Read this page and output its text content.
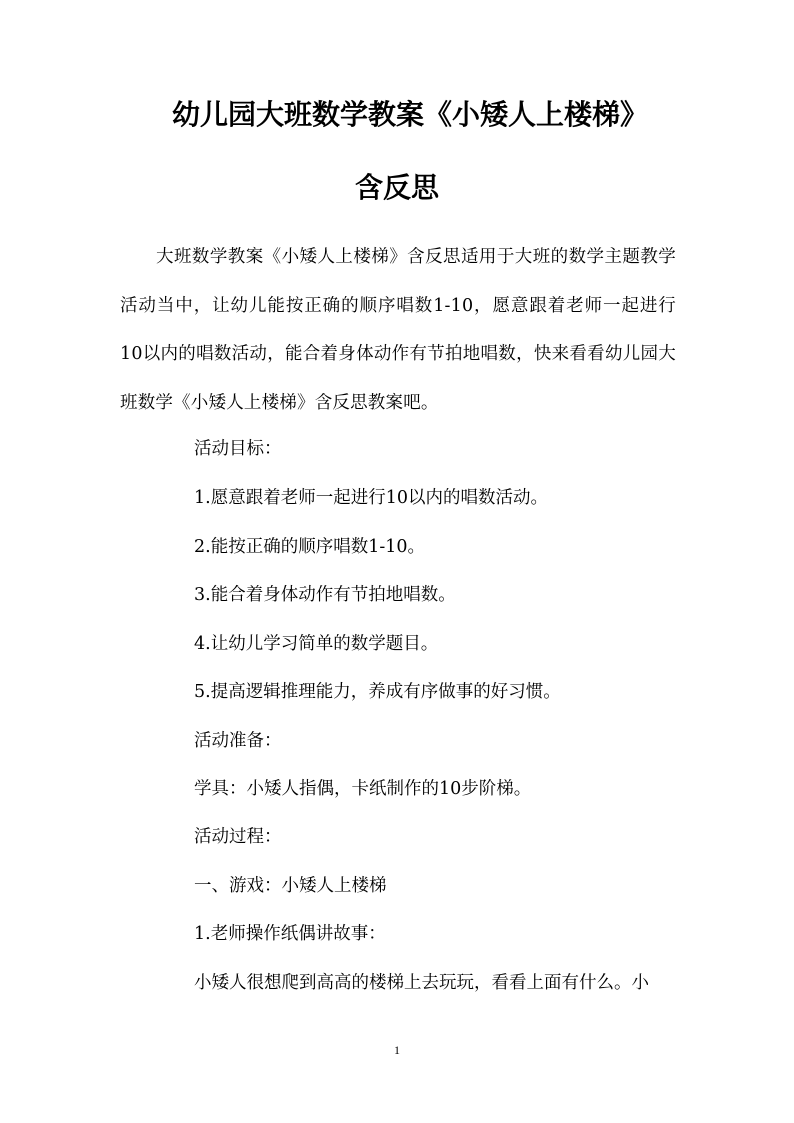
幼儿园大班数学教案《小矮人上楼梯》
含反思

大班数学教案《小矮人上楼梯》含反思适用于大班的数学主题教学活动当中，让幼儿能按正确的顺序唱数1-10，愿意跟着老师一起进行10以内的唱数活动，能合着身体动作有节拍地唱数，快来看看幼儿园大班数学《小矮人上楼梯》含反思教案吧。

活动目标：

1.愿意跟着老师一起进行10以内的唱数活动。

2.能按正确的顺序唱数1-10。

3.能合着身体动作有节拍地唱数。

4.让幼儿学习简单的数学题目。

5.提高逻辑推理能力，养成有序做事的好习惯。

活动准备：

学具：小矮人指偶，卡纸制作的10步阶梯。

活动过程：

一、游戏：小矮人上楼梯

1.老师操作纸偶讲故事：

小矮人很想爬到高高的楼梯上去玩玩，看看上面有什么。小

1
